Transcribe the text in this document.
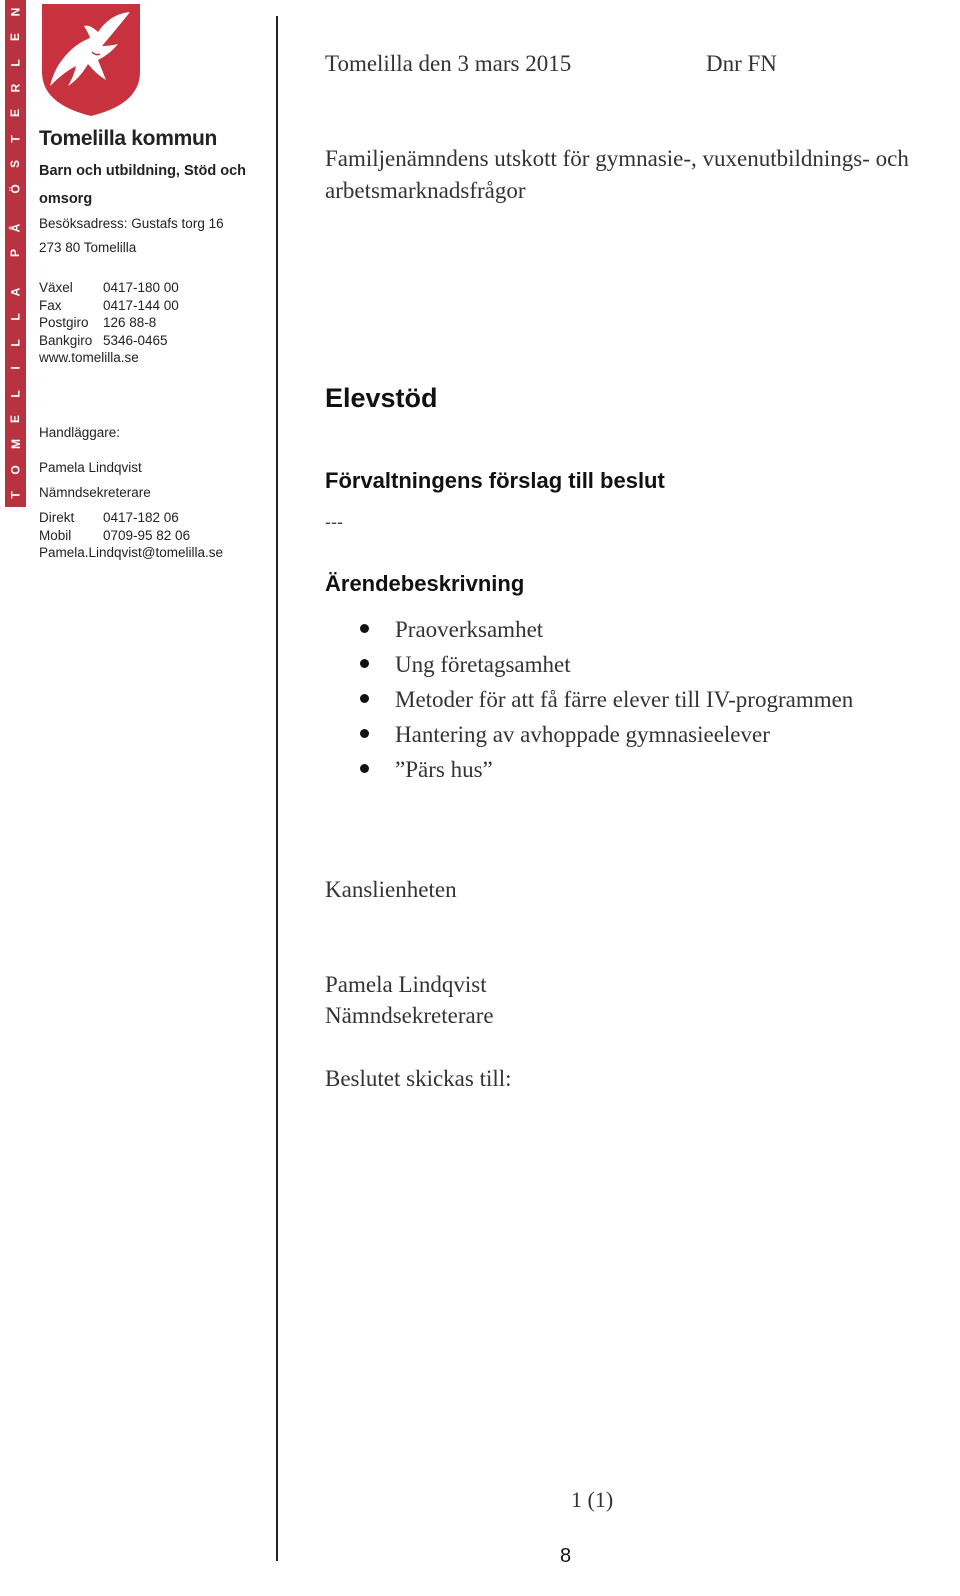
N
E
L
R
E
T
S
Ö
Å
P
A
L
L
I
L
E
M
O
T
Tomelilla kommun
Barn och utbildning, Stöd och omsorg
Besöksadress: Gustafs torg 16
273 80 Tomelilla
Växel	0417-180 00
Fax	0417-144 00
Postgiro	126 88-8
Bankgiro 5346-0465
www.tomelilla.se
Handläggare:
Pamela Lindqvist
Nämndsekreterare
Direkt	0417-182 06
Mobil	0709-95 82 06
Pamela.Lindqvist@tomelilla.se
Tomelilla den 3 mars 2015	Dnr FN
Familjenämndens utskott för gymnasie-, vuxenutbildnings- och arbetsmarknadsfrågor
Elevstöd
Förvaltningens förslag till beslut
---
Ärendebeskrivning
Praoverksamhet
Ung företagsamhet
Metoder för att få färre elever till IV-programmen
Hantering av avhoppade gymnasieelever
”Pärs hus”
Kanslienheten
Pamela Lindqvist
Nämndsekreterare
Beslutet skickas till:
1 (1)
8
